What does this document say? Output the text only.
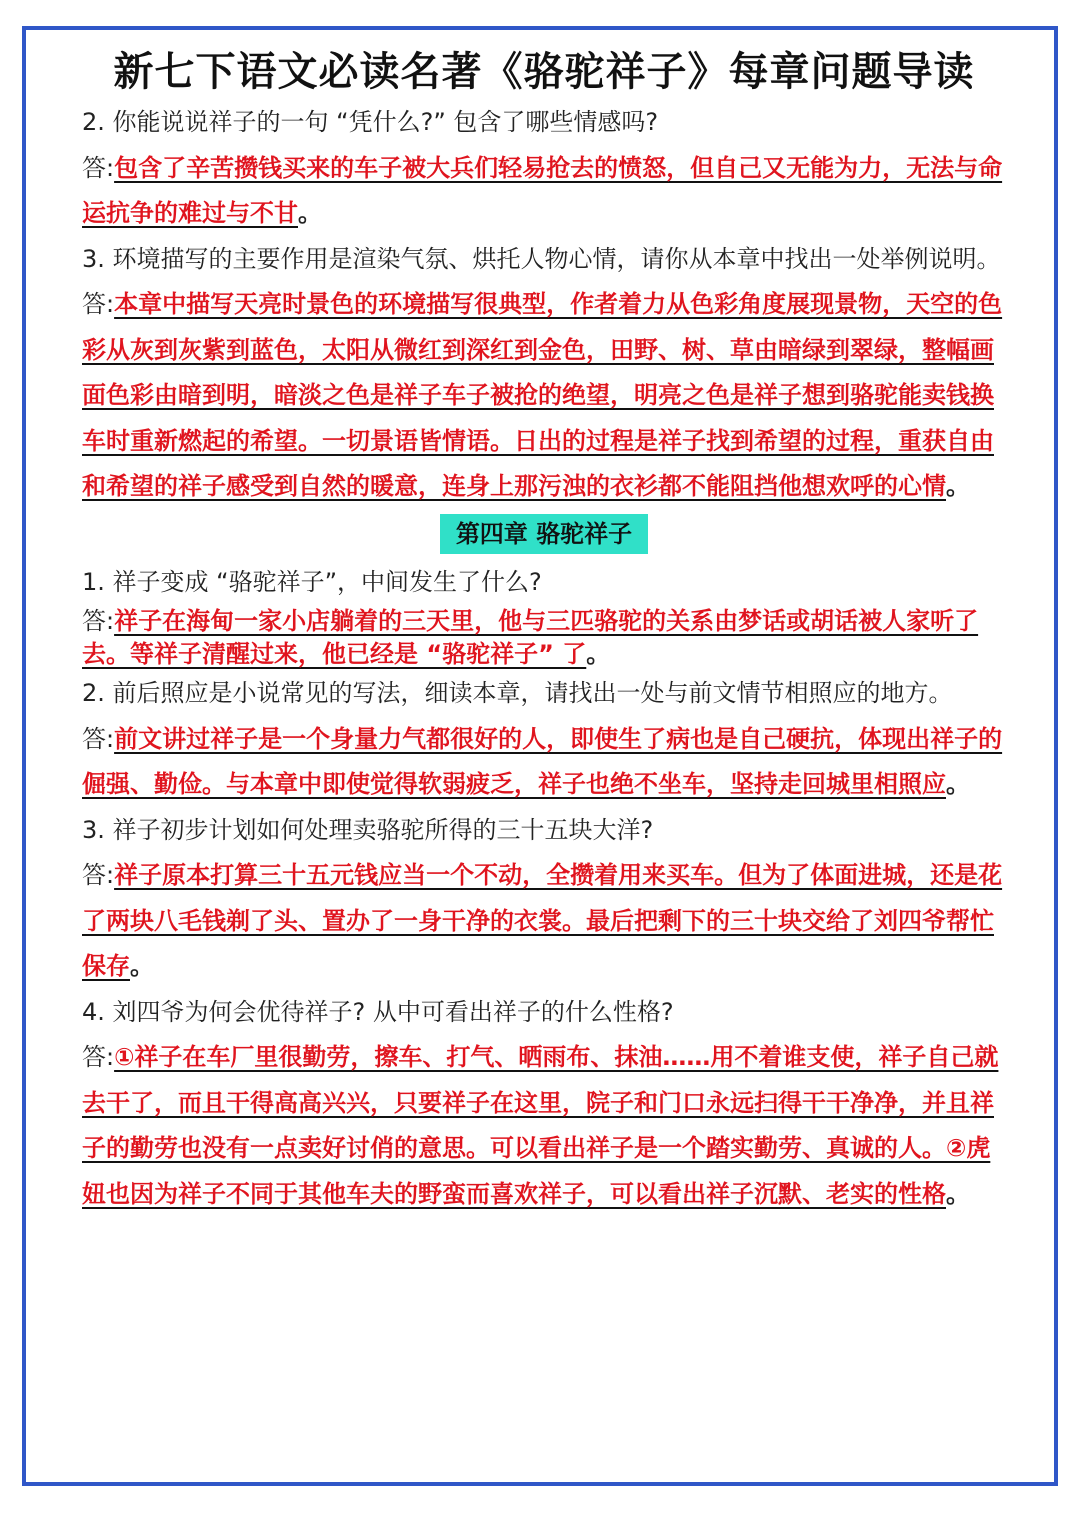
新七下语文必读名著《骆驼祥子》每章问题导读

2. 你能说说祥子的一句 “凭什么?” 包含了哪些情感吗?

答:包含了辛苦攒钱买来的车子被大兵们轻易抢去的愤怒，但自己又无能为力，无法与命运抗争的难过与不甘。

3. 环境描写的主要作用是渲染气氛、烘托人物心情，请你从本章中找出一处举例说明。

答:本章中描写天亮时景色的环境描写很典型，作者着力从色彩角度展现景物，天空的色彩从灰到灰紫到蓝色，太阳从微红到深红到金色，田野、树、草由暗绿到翠绿，整幅画面色彩由暗到明，暗淡之色是祥子车子被抢的绝望，明亮之色是祥子想到骆驼能卖钱换车时重新燃起的希望。一切景语皆情语。日出的过程是祥子找到希望的过程，重获自由和希望的祥子感受到自然的暖意，连身上那污浊的衣衫都不能阻挡他想欢呼的心情。

第四章 骆驼祥子

1. 祥子变成 “骆驼祥子”，中间发生了什么?

答:祥子在海甸一家小店躺着的三天里，他与三匹骆驼的关系由梦话或胡话被人家听了去。等祥子清醒过来，他已经是 “骆驼祥子” 了。

2. 前后照应是小说常见的写法，细读本章，请找出一处与前文情节相照应的地方。

答:前文讲过祥子是一个身量力气都很好的人，即使生了病也是自己硬抗，体现出祥子的倔强、勤俭。与本章中即使觉得软弱疲乏，祥子也绝不坐车，坚持走回城里相照应。

3. 祥子初步计划如何处理卖骆驼所得的三十五块大洋?

答:祥子原本打算三十五元钱应当一个不动，全攒着用来买车。但为了体面进城，还是花了两块八毛钱剃了头、置办了一身干净的衣裳。最后把剩下的三十块交给了刘四爷帮忙保存。

4. 刘四爷为何会优待祥子? 从中可看出祥子的什么性格?

答:①祥子在车厂里很勤劳，擦车、打气、晒雨布、抹油……用不着谁支使，祥子自己就去干了，而且干得高高兴兴，只要祥子在这里，院子和门口永远扫得干干净净，并且祥子的勤劳也没有一点卖好讨俏的意思。可以看出祥子是一个踏实勤劳、真诚的人。②虎妞也因为祥子不同于其他车夫的野蛮而喜欢祥子，可以看出祥子沉默、老实的性格。
